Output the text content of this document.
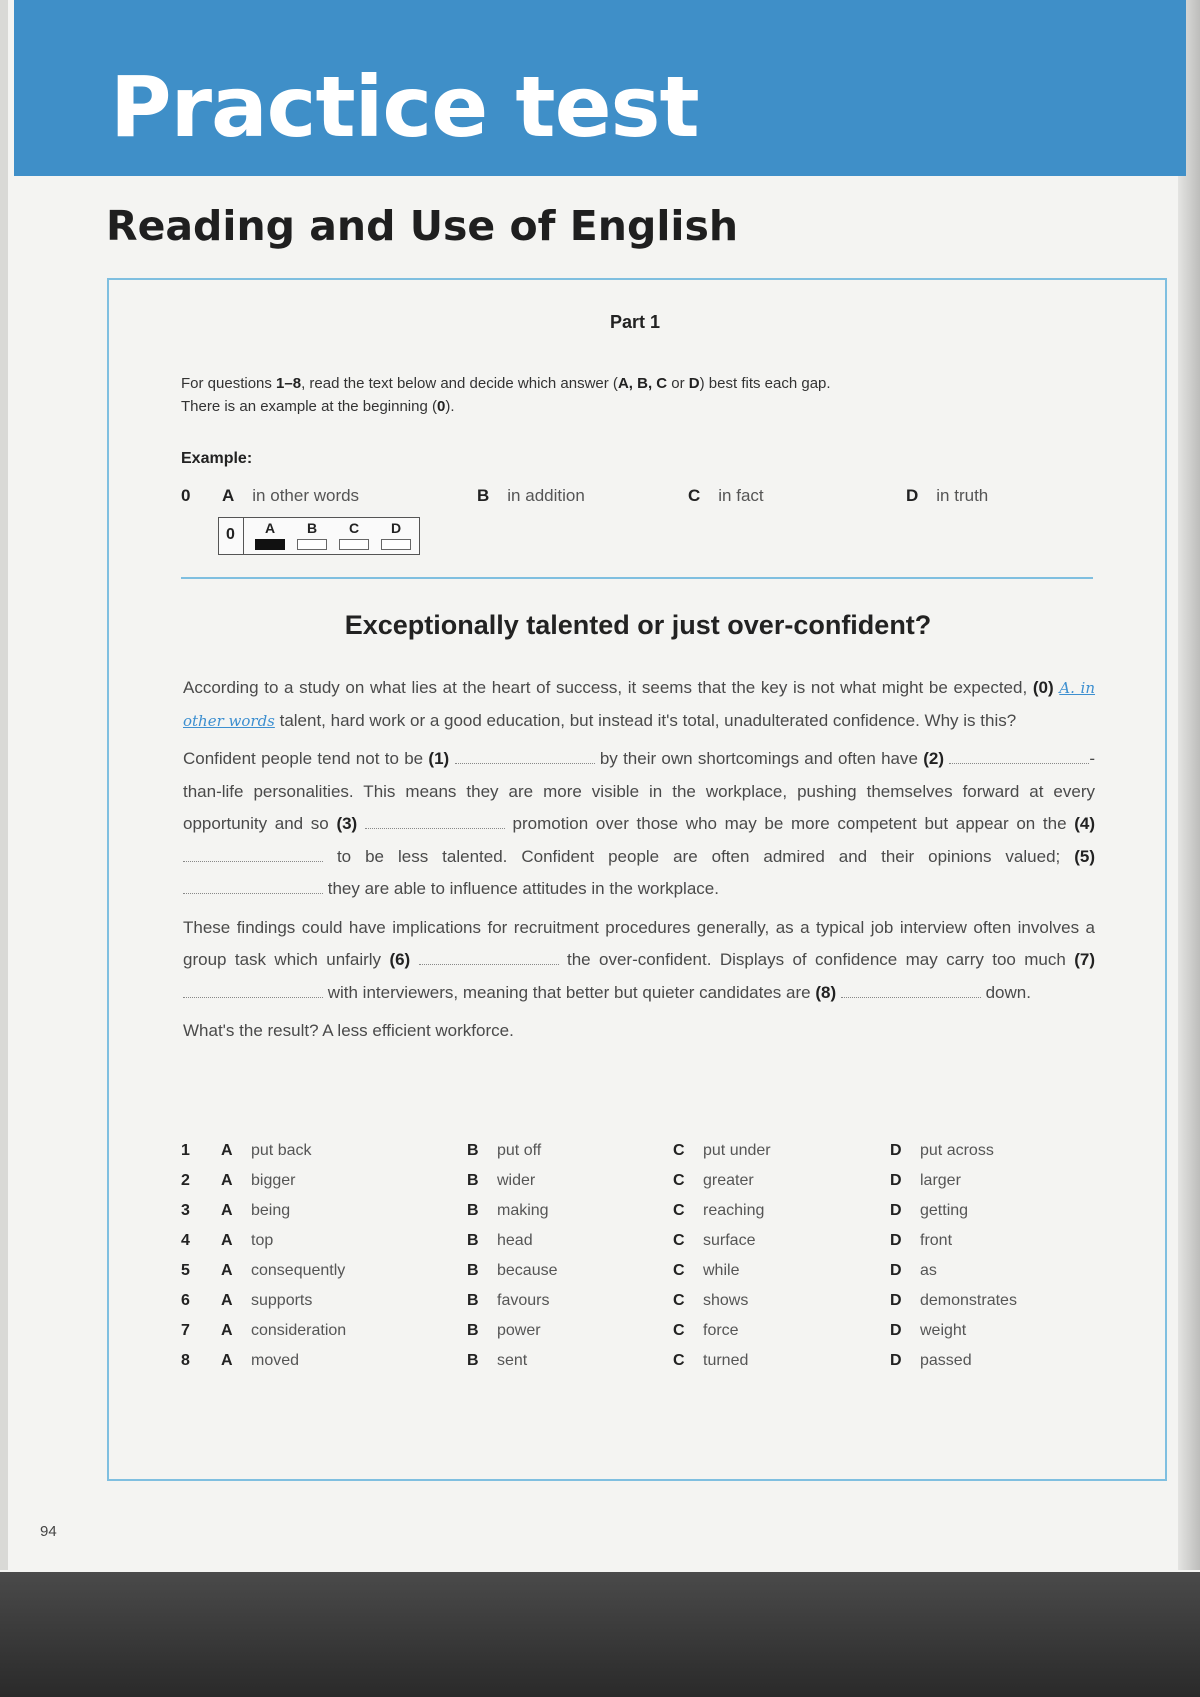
Practice test
Reading and Use of English
Part 1
For questions 1–8, read the text below and decide which answer (A, B, C or D) best fits each gap.
There is an example at the beginning (0).
Example:
0 A in other words	B in addition	C in fact	D in truth
0	A	B	C	D
Exceptionally talented or just over-confident?

According to a study on what lies at the heart of success, it seems that the key is not what might be expected, (0) A. in other words talent, hard work or a good education, but instead it's total, unadulterated confidence. Why is this?

Confident people tend not to be (1)	by their own shortcomings and often have (2)	-than-life personalities. This means they are more visible in the workplace, pushing themselves forward at every opportunity and so (3)	promotion over those who may be more competent but appear on the (4)  to be less talented. Confident people are often admired and their opinions valued; (5)  they are able to influence attitudes in the workplace.

These findings could have implications for recruitment procedures generally, as a typical job interview often involves a group task which unfairly (6)	the over-confident. Displays of confidence may carry too much (7)  with interviewers, meaning that better but quieter candidates are (8)	down.

What's the result? A less efficient workforce.

1 A put back	B put off	C put under	D put across
2 A bigger	B wider	C greater	D larger
3 A being	B making	C reaching	D getting
4 A top	B head	C surface	D front
5 A consequently	B because	C while	D as
6 A supports	B favours	C shows	D demonstrates
7 A consideration	B power	C force	D weight
8 A moved	B sent	C turned	D passed
94
